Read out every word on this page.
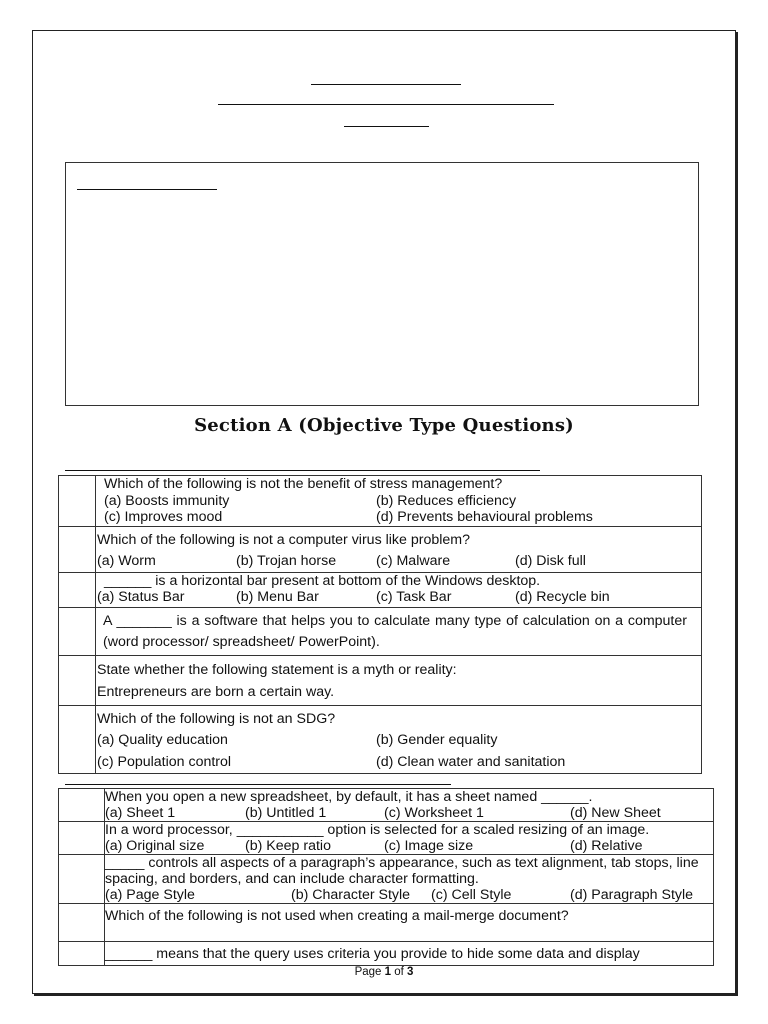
Section A (Objective Type Questions)

	Which of the following is not the benefit of stress management?
(a) Boosts immunity (b) Reduces efficiency
(c) Improves mood (d) Prevents behavioural problems

	Which of the following is not a computer virus like problem?
(a) Worm (b) Trojan horse (c) Malware (d) Disk full

	______ is a horizontal bar present at bottom of the Windows desktop.
(a) Status Bar (b) Menu Bar (c) Task Bar (d) Recycle bin

	A _______ is a software that helps you to calculate many type of calculation on a computer (word processor/ spreadsheet/ PowerPoint).

	State whether the following statement is a myth or reality:
Entrepreneurs are born a certain way.

	Which of the following is not an SDG?
(a) Quality education (b) Gender equality
(c) Population control (d) Clean water and sanitation

	When you open a new spreadsheet, by default, it has a sheet named ______.
(a) Sheet 1 (b) Untitled 1 (c) Worksheet 1 (d) New Sheet

	In a word processor, ___________ option is selected for a scaled resizing of an image.
(a) Original size (b) Keep ratio (c) Image size (d) Relative

	_____ controls all aspects of a paragraph’s appearance, such as text alignment, tab stops, line spacing, and borders, and can include character formatting.
(a) Page Style (b) Character Style (c) Cell Style (d) Paragraph Style

	Which of the following is not used when creating a mail-merge document?

	______ means that the query uses criteria you provide to hide some data and display
Page 1 of 3
